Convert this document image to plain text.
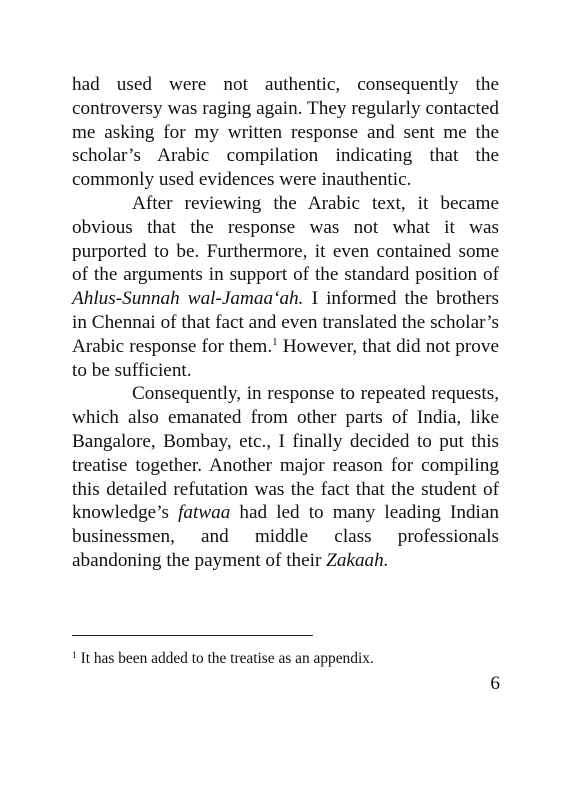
had used were not authentic, consequently the controversy was raging again. They regularly contacted me asking for my written response and sent me the scholar’s Arabic compilation indicating that the commonly used evidences were inauthentic.

After reviewing the Arabic text, it became obvious that the response was not what it was purported to be. Furthermore, it even contained some of the arguments in support of the standard position of Ahlus-Sunnah wal-Jamaa‘ah. I informed the brothers in Chennai of that fact and even translated the scholar’s Arabic response for them.$^1$ However, that did not prove to be sufficient.

Consequently, in response to repeated requests, which also emanated from other parts of India, like Bangalore, Bombay, etc., I finally decided to put this treatise together. Another major reason for compiling this detailed refutation was the fact that the student of knowledge’s fatwaa had led to many leading Indian businessmen, and middle class professionals abandoning the payment of their Zakaah.

$^1$ It has been added to the treatise as an appendix.
6
